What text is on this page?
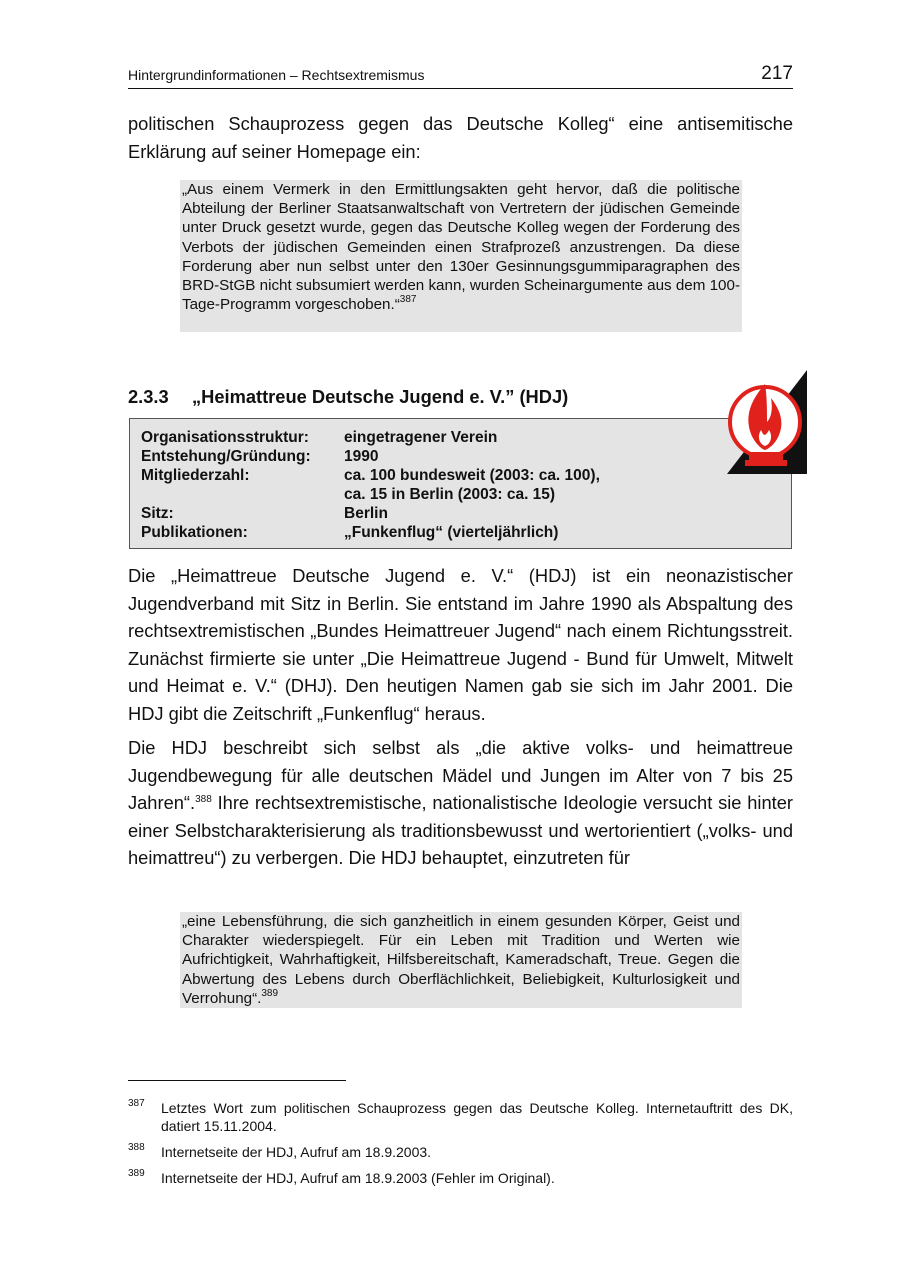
Hintergrundinformationen – Rechtsextremismus	217

politischen Schauprozess gegen das Deutsche Kolleg“ eine antisemitische Erklärung auf seiner Homepage ein:

„Aus einem Vermerk in den Ermittlungsakten geht hervor, daß die politische Abteilung der Berliner Staatsanwaltschaft von Vertretern der jüdischen Gemeinde unter Druck gesetzt wurde, gegen das Deutsche Kolleg wegen der Forderung des Verbots der jüdischen Gemeinden einen Strafprozeß anzustrengen. Da diese Forderung aber nun selbst unter den 130er Gesinnungsgummiparagraphen des BRD-StGB nicht subsumiert werden kann, wurden Scheinargumente aus dem 100-Tage-Programm vorgeschoben.“$^{387}$
2.3.3 „Heimattreue Deutsche Jugend e. V.” (HDJ)
Organisationsstruktur: eingetragener Verein
Entstehung/Gründung: 1990
Mitgliederzahl:	ca. 100 bundesweit (2003: ca. 100),
ca. 15 in Berlin (2003: ca. 15)
Sitz:	Berlin
Publikationen:	„Funkenflug“ (vierteljährlich)

Die „Heimattreue Deutsche Jugend e. V.“ (HDJ) ist ein neonazistischer Jugendverband mit Sitz in Berlin. Sie entstand im Jahre 1990 als Abspaltung des rechtsextremistischen „Bundes Heimattreuer Jugend“ nach einem Richtungsstreit. Zunächst firmierte sie unter „Die Heimattreue Jugend - Bund für Umwelt, Mitwelt und Heimat e. V.“ (DHJ). Den heutigen Namen gab sie sich im Jahr 2001. Die HDJ gibt die Zeitschrift „Funkenflug“ heraus.

Die HDJ beschreibt sich selbst als „die aktive volks- und heimattreue Jugendbewegung für alle deutschen Mädel und Jungen im Alter von 7 bis 25 Jahren“.$^{388}$ Ihre rechtsextremistische, nationalistische Ideologie versucht sie hinter einer Selbstcharakterisierung als traditionsbewusst und wertorientiert („volks- und heimattreu“) zu verbergen. Die HDJ behauptet, einzutreten für

„eine Lebensführung, die sich ganzheitlich in einem gesunden Körper, Geist und Charakter wiederspiegelt. Für ein Leben mit Tradition und Werten wie Aufrichtigkeit, Wahrhaftigkeit, Hilfsbereitschaft, Kameradschaft, Treue. Gegen die Abwertung des Lebens durch Oberflächlichkeit, Beliebigkeit, Kulturlosigkeit und Verrohung“.$^{389}$
387 Letztes Wort zum politischen Schauprozess gegen das Deutsche Kolleg. Internetauftritt des DK, datiert 15.11.2004.
388 Internetseite der HDJ, Aufruf am 18.9.2003.
389 Internetseite der HDJ, Aufruf am 18.9.2003 (Fehler im Original).
